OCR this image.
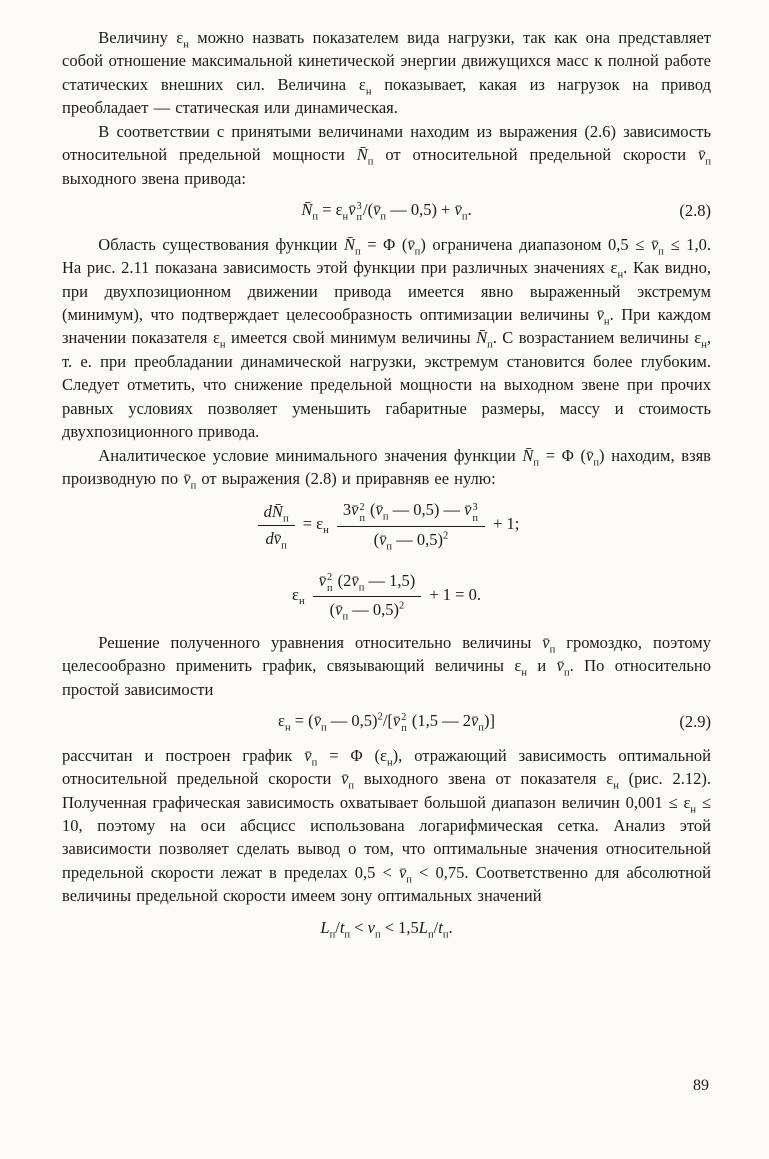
Величину $\varepsilon_н$ можно назвать показателем вида нагрузки, так как она представляет собой отношение максимальной кинетической энергии движущихся масс к полной работе статических внешних сил. Величина $\varepsilon_н$ показывает, какая из нагрузок на привод преобладает — статическая или динамическая.

В соответствии с принятыми величинами находим из выражения (2.6) зависимость относительной предельной мощности $N̄_п$ от относительной предельной скорости $v̄_п$ выходного звена привода:

$N̄_п$ = $\varepsilon_нv̄$ 3
п $/(v̄_п$ — $0,5) + v̄_п$.	(2.8)

Область существования функции $N̄_п = \Phi$ $(v̄_п)$ ограничена диапазоном $0,5 \le v̄_п \le 1,0$. На рис. 2.11 показана зависимость этой функции при различных значениях $\varepsilon_н$. Как видно, при двухпозиционном движении привода имеется явно выраженный экстремум (минимум), что подтверждает целесообразность оптимизации величины $v̄_н$. При каждом значении показателя $\varepsilon_н$ имеется свой минимум величины $N̄_п$. С возрастанием величины $\varepsilon_н$, т. е. при преобладании динамической нагрузки, экстремум становится более глубоким. Следует отметить, что снижение предельной мощности на выходном звене при прочих равных условиях позволяет уменьшить габаритные размеры, массу и стоимость двухпозиционного привода.

Аналитическое условие минимального значения функции $N̄_п = \Phi$ $(v̄_п)$ находим, взяв производную по $v̄_п$ от выражения (2.8) и приравняв ее нулю:

$\frac{dN̄_п}{dv̄_п} = \varepsilon_н$ 3v̄ 2
п ($v̄_п$ — 0,5) — v̄ 3
п
($v̄_п$ — 0,5)$^2$ + 1;
$\varepsilon_н$ v̄ 2
п ($2v̄_п$ — 1,5)
($v̄_п$ — 0,5)$^2$ + 1 = 0.

Решение полученного уравнения относительно величины $v̄_п$ громоздко, поэтому целесообразно применить график, связывающий величины $\varepsilon_н$ и $v̄_п$. По относительно простой зависимости

$\varepsilon_н$ = ($v̄_п$ — 0,5)$^2$/[v̄ 2
п (1,5 — $2v̄_п$)]	(2.9)

рассчитан и построен график $v̄_п = \Phi$ $(\varepsilon_н)$, отражающий зависимость оптимальной относительной предельной скорости $v̄_п$ выходного звена от показателя $\varepsilon_н$ (рис. 2.12). Полученная графическая зависимость охватывает большой диапазон величин $0,001 \le \varepsilon_н \le 10$, поэтому на оси абсцисс использована логарифмическая сетка. Анализ этой зависимости позволяет сделать вывод о том, что оптимальные значения относительной предельной скорости лежат в пределах $0,5 < v̄_п < 0,75$. Соответственно для абсолютной величины предельной скорости имеем зону оптимальных значений

$L_п/t_п < v_п < 1,5L_п/t_п$.
89
